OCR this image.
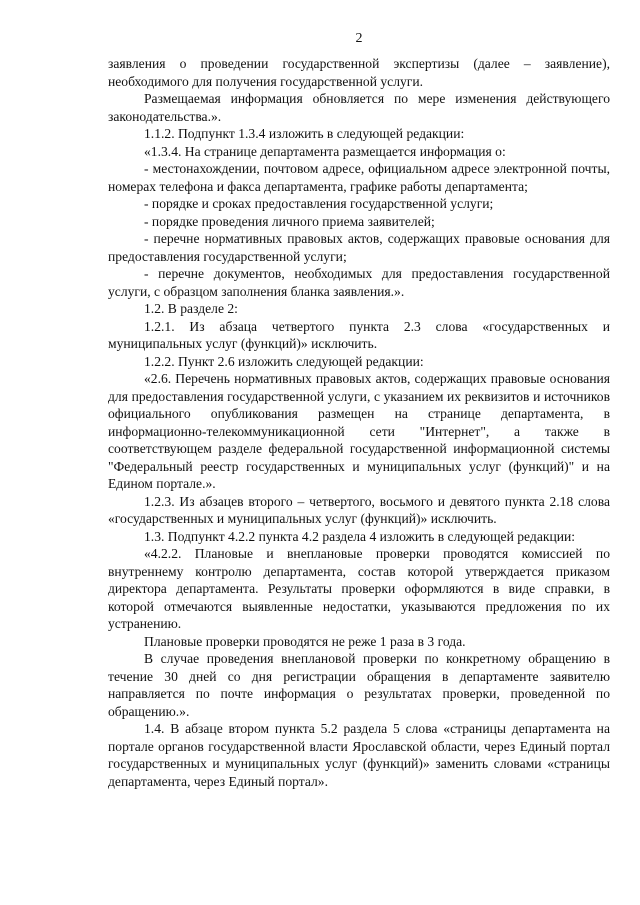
2

заявления о проведении государственной экспертизы (далее – заявление), необходимого для получения государственной услуги.

Размещаемая информация обновляется по мере изменения действующего законодательства.».

1.1.2. Подпункт 1.3.4 изложить в следующей редакции:

«1.3.4. На странице департамента размещается информация о:

- местонахождении, почтовом адресе, официальном адресе электронной почты, номерах телефона и факса департамента, графике работы департамента;

- порядке и сроках предоставления государственной услуги;

- порядке проведения личного приема заявителей;

- перечне нормативных правовых актов, содержащих правовые основания для предоставления государственной услуги;

- перечне документов, необходимых для предоставления государственной услуги, с образцом заполнения бланка заявления.».

1.2. В разделе 2:

1.2.1. Из абзаца четвертого пункта 2.3 слова «государственных и муниципальных услуг (функций)» исключить.

1.2.2. Пункт 2.6 изложить следующей редакции:

«2.6. Перечень нормативных правовых актов, содержащих правовые основания для предоставления государственной услуги, с указанием их реквизитов и источников официального опубликования размещен на странице департамента, в информационно-телекоммуникационной сети "Интернет", а также в соответствующем разделе федеральной государственной информационной системы "Федеральный реестр государственных и муниципальных услуг (функций)" и на Едином портале.».

1.2.3. Из абзацев второго – четвертого, восьмого и девятого пункта 2.18 слова «государственных и муниципальных услуг (функций)» исключить.

1.3. Подпункт 4.2.2 пункта 4.2 раздела 4 изложить в следующей редакции:

«4.2.2. Плановые и внеплановые проверки проводятся комиссией по внутреннему контролю департамента, состав которой утверждается приказом директора департамента. Результаты проверки оформляются в виде справки, в которой отмечаются выявленные недостатки, указываются предложения по их устранению.

Плановые проверки проводятся не реже 1 раза в 3 года.

В случае проведения внеплановой проверки по конкретному обращению в течение 30 дней со дня регистрации обращения в департаменте заявителю направляется по почте информация о результатах проверки, проведенной по обращению.».

1.4. В абзаце втором пункта 5.2 раздела 5 слова «страницы департамента на портале органов государственной власти Ярославской области, через Единый портал государственных и муниципальных услуг (функций)» заменить словами «страницы департамента, через Единый портал».
